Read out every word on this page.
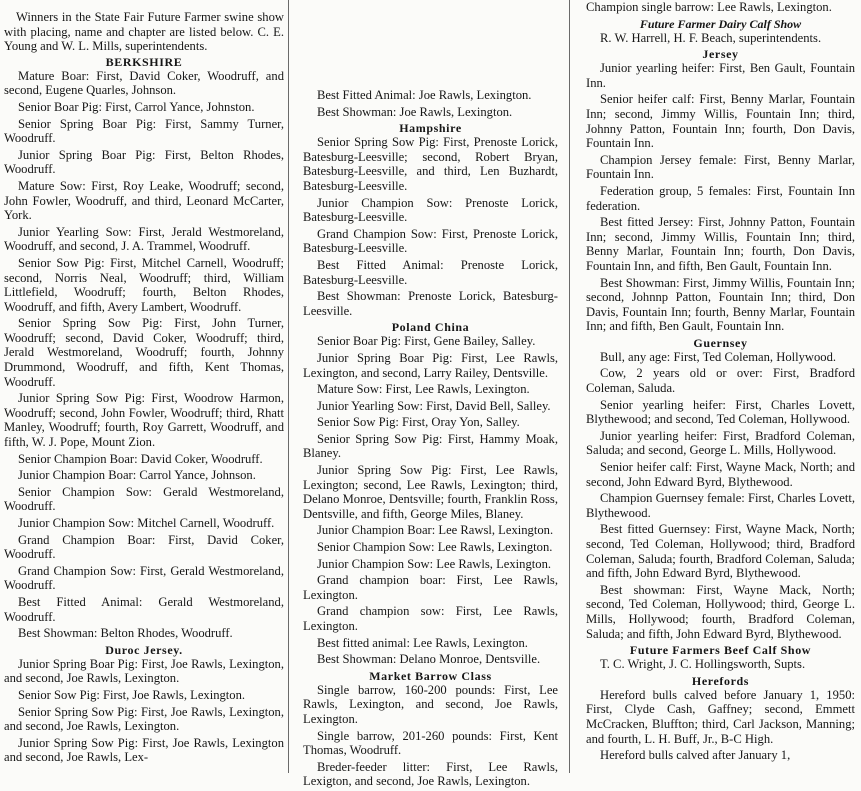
Winners in the State Fair Future Farmer swine show with placing, name and chapter are listed below. C. E. Young and W. L. Mills, superintendents.

BERKSHIRE

Mature Boar: First, David Coker, Woodruff, and second, Eugene Quarles, Johnson.

Senior Boar Pig: First, Carrol Yance, Johnston.

Senior Spring Boar Pig: First, Sammy Turner, Woodruff.

Junior Spring Boar Pig: First, Belton Rhodes, Woodruff.

Mature Sow: First, Roy Leake, Woodruff; second, John Fowler, Woodruff, and third, Leonard McCarter, York.

Junior Yearling Sow: First, Jerald Westmoreland, Woodruff, and second, J. A. Trammel, Woodruff.

Senior Sow Pig: First, Mitchel Carnell, Woodruff; second, Norris Neal, Woodruff; third, William Littlefield, Woodruff; fourth, Belton Rhodes, Woodruff, and fifth, Avery Lambert, Woodruff.

Senior Spring Sow Pig: First, John Turner, Woodruff; second, David Coker, Woodruff; third, Jerald Westmoreland, Woodruff; fourth, Johnny Drummond, Woodruff, and fifth, Kent Thomas, Woodruff.

Junior Spring Sow Pig: First, Woodrow Harmon, Woodruff; second, John Fowler, Woodruff; third, Rhatt Manley, Woodruff; fourth, Roy Garrett, Woodruff, and fifth, W. J. Pope, Mount Zion.

Senior Champion Boar: David Coker, Woodruff.

Junior Champion Boar: Carrol Yance, Johnson.

Senior Champion Sow: Gerald Westmoreland, Woodruff.

Junior Champion Sow: Mitchel Carnell, Woodruff.

Grand Champion Boar: First, David Coker, Woodruff.

Grand Champion Sow: First, Gerald Westmoreland, Woodruff.

Best Fitted Animal: Gerald Westmoreland, Woodruff.

Best Showman: Belton Rhodes, Woodruff.

Duroc Jersey.

Junior Spring Boar Pig: First, Joe Rawls, Lexington, and second, Joe Rawls, Lexington.

Senior Sow Pig: First, Joe Rawls, Lexington.

Senior Spring Sow Pig: First, Joe Rawls, Lexington, and second, Joe Rawls, Lexington.

Junior Spring Sow Pig: First, Joe Rawls, Lexington and second, Joe Rawls, Lex-

Best Fitted Animal: Joe Rawls, Lexington.

Best Showman: Joe Rawls, Lexington.

Hampshire

Senior Spring Sow Pig: First, Prenoste Lorick, Batesburg-Leesville; second, Robert Bryan, Batesburg-Leesville, and third, Len Buzhardt, Batesburg-Leesville.

Junior Champion Sow: Prenoste Lorick, Batesburg-Leesville.

Grand Champion Sow: First, Prenoste Lorick, Batesburg-Leesville.

Best Fitted Animal: Prenoste Lorick, Batesburg-Leesville.

Best Showman: Prenoste Lorick, Batesburg-Leesville.

Poland China

Senior Boar Pig: First, Gene Bailey, Salley.

Junior Spring Boar Pig: First, Lee Rawls, Lexington, and second, Larry Railey, Dentsville.

Mature Sow: First, Lee Rawls, Lexington.

Junior Yearling Sow: First, David Bell, Salley.

Senior Sow Pig: First, Oray Yon, Salley.

Senior Spring Sow Pig: First, Hammy Moak, Blaney.

Junior Spring Sow Pig: First, Lee Rawls, Lexington; second, Lee Rawls, Lexington; third, Delano Monroe, Dentsville; fourth, Franklin Ross, Dentsville, and fifth, George Miles, Blaney.

Junior Champion Boar: Lee Rawsl, Lexington.

Senior Champion Sow: Lee Rawls, Lexington.

Junior Champion Sow: Lee Rawls, Lexington.

Grand champion boar: First, Lee Rawls, Lexington.

Grand champion sow: First, Lee Rawls, Lexington.

Best fitted animal: Lee Rawls, Lexington.

Best Showman: Delano Monroe, Dentsville.

Market Barrow Class

Single barrow, 160-200 pounds: First, Lee Rawls, Lexington, and second, Joe Rawls, Lexington.

Single barrow, 201-260 pounds: First, Kent Thomas, Woodruff.

Breder-feeder litter: First, Lee Rawls, Lexigton, and second, Joe Rawls, Lexington.

Champion single barrow: Lee Rawls, Lexington.

Future Farmer Dairy Calf Show

R. W. Harrell, H. F. Beach, superintendents.

Jersey

Junior yearling heifer: First, Ben Gault, Fountain Inn.

Senior heifer calf: First, Benny Marlar, Fountain Inn; second, Jimmy Willis, Fountain Inn; third, Johnny Patton, Fountain Inn; fourth, Don Davis, Fountain Inn.

Champion Jersey female: First, Benny Marlar, Fountain Inn.

Federation group, 5 females: First, Fountain Inn federation.

Best fitted Jersey: First, Johnny Patton, Fountain Inn; second, Jimmy Willis, Fountain Inn; third, Benny Marlar, Fountain Inn; fourth, Don Davis, Fountain Inn, and fifth, Ben Gault, Fountain Inn.

Best Showman: First, Jimmy Willis, Fountain Inn; second, Johnnp Patton, Fountain Inn; third, Don Davis, Fountain Inn; fourth, Benny Marlar, Fountain Inn; and fifth, Ben Gault, Fountain Inn.

Guernsey

Bull, any age: First, Ted Coleman, Hollywood.

Cow, 2 years old or over: First, Bradford Coleman, Saluda.

Senior yearling heifer: First, Charles Lovett, Blythewood; and second, Ted Coleman, Hollywood.

Junior yearling heifer: First, Bradford Coleman, Saluda; and second, George L. Mills, Hollywood.

Senior heifer calf: First, Wayne Mack, North; and second, John Edward Byrd, Blythewood.

Champion Guernsey female: First, Charles Lovett, Blythewood.

Best fitted Guernsey: First, Wayne Mack, North; second, Ted Coleman, Hollywood; third, Bradford Coleman, Saluda; fourth, Bradford Coleman, Saluda; and fifth, John Edward Byrd, Blythewood.

Best showman: First, Wayne Mack, North; second, Ted Coleman, Hollywood; third, George L. Mills, Hollywood; fourth, Bradford Coleman, Saluda; and fifth, John Edward Byrd, Blythewood.

Future Farmers Beef Calf Show

T. C. Wright, J. C. Hollingsworth, Supts.

Herefords

Hereford bulls calved before January 1, 1950: First, Clyde Cash, Gaffney; second, Emmett McCracken, Bluffton; third, Carl Jackson, Manning; and fourth, L. H. Buff, Jr., B-C High.

Hereford bulls calved after January 1,
